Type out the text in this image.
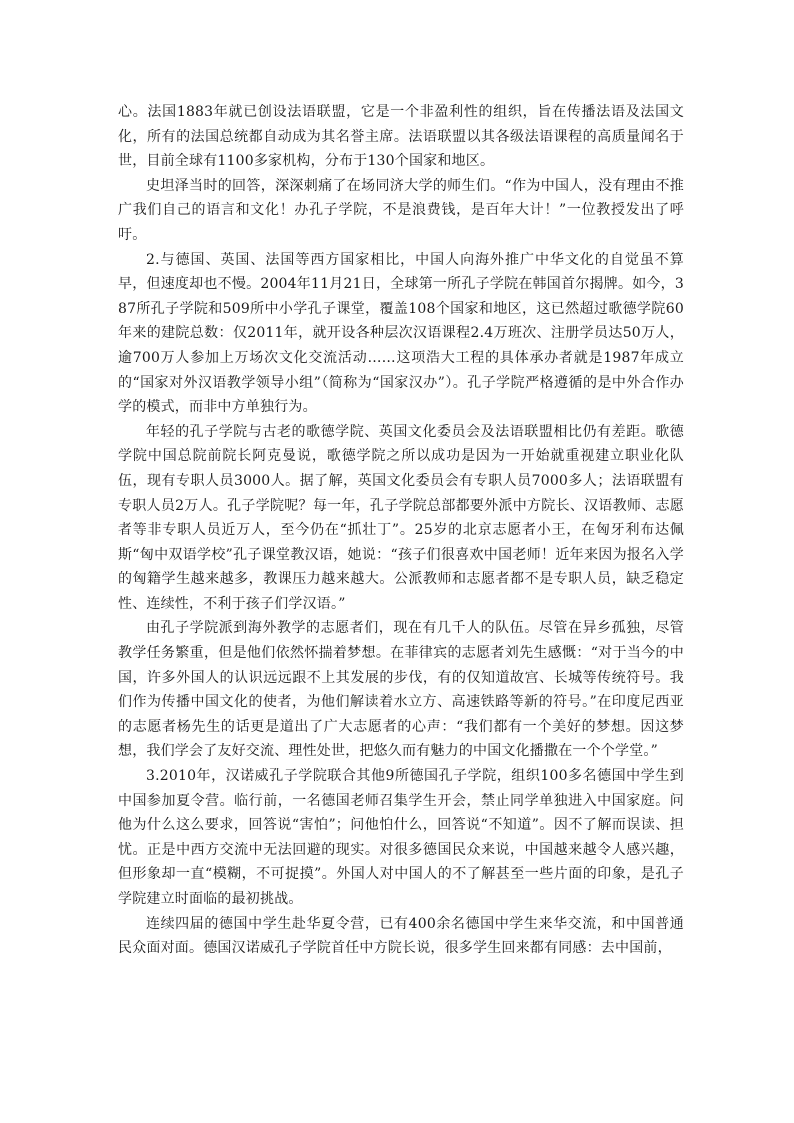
心。法国1883年就已创设法语联盟，它是一个非盈利性的组织，旨在传播法语及法国文化，所有的法国总统都自动成为其名誉主席。法语联盟以其各级法语课程的高质量闻名于世，目前全球有1100多家机构，分布于130个国家和地区。

史坦泽当时的回答，深深刺痛了在场同济大学的师生们。“作为中国人，没有理由不推广我们自己的语言和文化！办孔子学院，不是浪费钱，是百年大计！”一位教授发出了呼吁。

2.与德国、英国、法国等西方国家相比，中国人向海外推广中华文化的自觉虽不算早，但速度却也不慢。2004年11月21日，全球第一所孔子学院在韩国首尔揭牌。如今，387所孔子学院和509所中小学孔子课堂，覆盖108个国家和地区，这已然超过歌德学院60年来的建院总数：仅2011年，就开设各种层次汉语课程2.4万班次、注册学员达50万人，逾700万人参加上万场次文化交流活动……这项浩大工程的具体承办者就是1987年成立的“国家对外汉语教学领导小组”（简称为“国家汉办”）。孔子学院严格遵循的是中外合作办学的模式，而非中方单独行为。

年轻的孔子学院与古老的歌德学院、英国文化委员会及法语联盟相比仍有差距。歌德学院中国总院前院长阿克曼说，歌德学院之所以成功是因为一开始就重视建立职业化队伍，现有专职人员3000人。据了解，英国文化委员会有专职人员7000多人；法语联盟有专职人员2万人。孔子学院呢？每一年，孔子学院总部都要外派中方院长、汉语教师、志愿者等非专职人员近万人，至今仍在“抓壮丁”。25岁的北京志愿者小王，在匈牙利布达佩斯“匈中双语学校”孔子课堂教汉语，她说：“孩子们很喜欢中国老师！近年来因为报名入学的匈籍学生越来越多，教课压力越来越大。公派教师和志愿者都不是专职人员，缺乏稳定性、连续性，不利于孩子们学汉语。”

由孔子学院派到海外教学的志愿者们，现在有几千人的队伍。尽管在异乡孤独，尽管教学任务繁重，但是他们依然怀揣着梦想。在菲律宾的志愿者刘先生感慨：“对于当今的中国，许多外国人的认识远远跟不上其发展的步伐，有的仅知道故宫、长城等传统符号。我们作为传播中国文化的使者，为他们解读着水立方、高速铁路等新的符号。”在印度尼西亚的志愿者杨先生的话更是道出了广大志愿者的心声：“我们都有一个美好的梦想。因这梦想，我们学会了友好交流、理性处世，把悠久而有魅力的中国文化播撒在一个个学堂。”

3.2010年，汉诺威孔子学院联合其他9所德国孔子学院，组织100多名德国中学生到中国参加夏令营。临行前，一名德国老师召集学生开会，禁止同学单独进入中国家庭。问他为什么这么要求，回答说“害怕”；问他怕什么，回答说“不知道”。因不了解而误读、担忧。正是中西方交流中无法回避的现实。对很多德国民众来说，中国越来越令人感兴趣，但形象却一直“模糊，不可捉摸”。外国人对中国人的不了解甚至一些片面的印象，是孔子学院建立时面临的最初挑战。

连续四届的德国中学生赴华夏令营，已有400余名德国中学生来华交流，和中国普通民众面对面。德国汉诺威孔子学院首任中方院长说，很多学生回来都有同感：去中国前，
